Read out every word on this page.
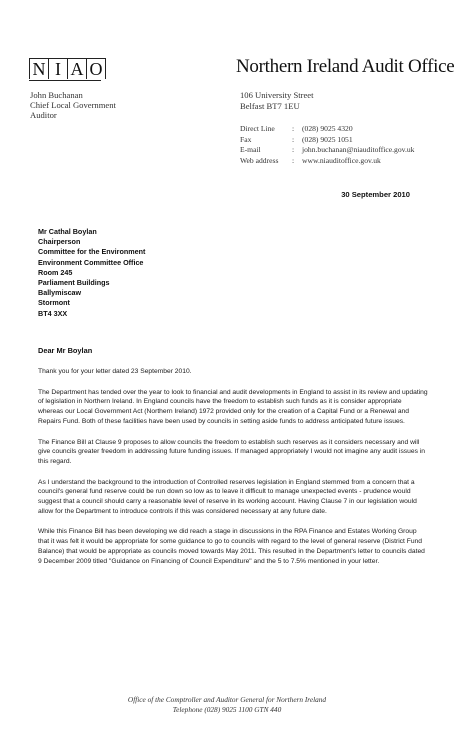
N I A O	Northern Ireland Audit Office
John Buchanan
Chief Local Government
Auditor
106 University Street
Belfast BT7 1EU
Direct Line	:	(028) 9025 4320
Fax	:	(028) 9025 1051
E-mail	:	john.buchanan@niauditoffice.gov.uk
Web address	:	www.niauditoffice.gov.uk
30 September 2010
Mr Cathal Boylan
Chairperson
Committee for the Environment
Environment Committee Office
Room 245
Parliament Buildings
Ballymiscaw
Stormont
BT4 3XX
Dear Mr Boylan

Thank you for your letter dated 23 September 2010.

The Department has tended over the year to look to financial and audit developments in England to assist in its review and updating of legislation in Northern Ireland. In England councils have the freedom to establish such funds as it is consider appropriate whereas our Local Government Act (Northern Ireland) 1972 provided only for the creation of a Capital Fund or a Renewal and Repairs Fund. Both of these facilities have been used by councils in setting aside funds to address anticipated future issues.

The Finance Bill at Clause 9 proposes to allow councils the freedom to establish such reserves as it considers necessary and will give councils greater freedom in addressing future funding issues. If managed appropriately I would not imagine any audit issues in this regard.

As I understand the background to the introduction of Controlled reserves legislation in England stemmed from a concern that a council's general fund reserve could be run down so low as to leave it difficult to manage unexpected events - prudence would suggest that a council should carry a reasonable level of reserve in its working account. Having Clause 7 in our legislation would allow for the Department to introduce controls if this was considered necessary at any future date.

While this Finance Bill has been developing we did reach a stage in discussions in the RPA Finance and Estates Working Group that it was felt it would be appropriate for some guidance to go to councils with regard to the level of general reserve (District Fund Balance) that would be appropriate as councils moved towards May 2011. This resulted in the Department's letter to councils dated 9 December 2009 titled "Guidance on Financing of Council Expenditure" and the 5 to 7.5% mentioned in your letter.

Office of the Comptroller and Auditor General for Northern Ireland
Telephone (028) 9025 1100 GTN 440
